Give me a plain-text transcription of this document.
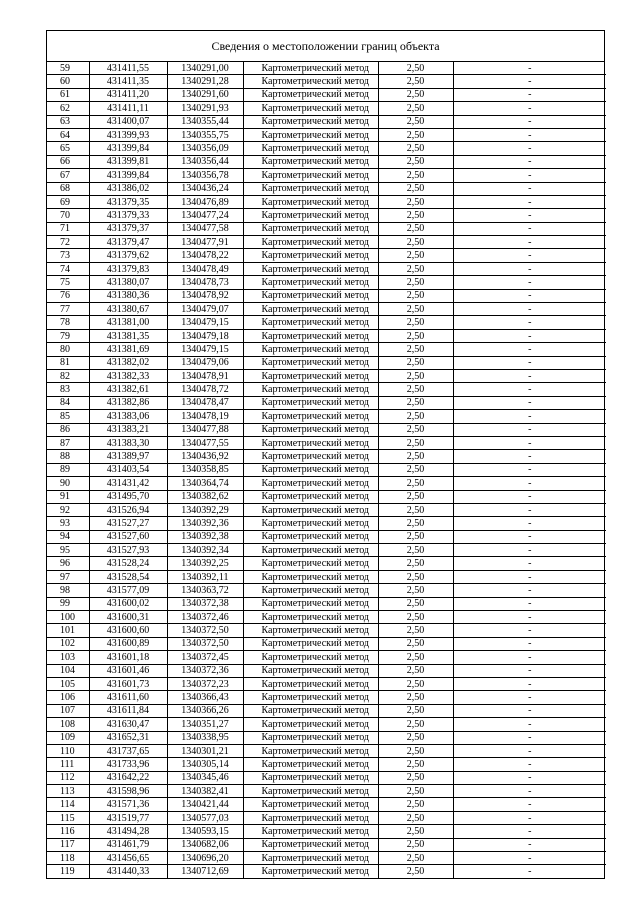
Сведения о местоположении границ объекта
59	431411,55	1340291,00	Картометрический метод	2,50	-
60	431411,35	1340291,28	Картометрический метод	2,50	-
61	431411,20	1340291,60	Картометрический метод	2,50	-
62	431411,11	1340291,93	Картометрический метод	2,50	-
63	431400,07	1340355,44	Картометрический метод	2,50	-
64	431399,93	1340355,75	Картометрический метод	2,50	-
65	431399,84	1340356,09	Картометрический метод	2,50	-
66	431399,81	1340356,44	Картометрический метод	2,50	-
67	431399,84	1340356,78	Картометрический метод	2,50	-
68	431386,02	1340436,24	Картометрический метод	2,50	-
69	431379,35	1340476,89	Картометрический метод	2,50	-
70	431379,33	1340477,24	Картометрический метод	2,50	-
71	431379,37	1340477,58	Картометрический метод	2,50	-
72	431379,47	1340477,91	Картометрический метод	2,50	-
73	431379,62	1340478,22	Картометрический метод	2,50	-
74	431379,83	1340478,49	Картометрический метод	2,50	-
75	431380,07	1340478,73	Картометрический метод	2,50	-
76	431380,36	1340478,92	Картометрический метод	2,50	-
77	431380,67	1340479,07	Картометрический метод	2,50	-
78	431381,00	1340479,15	Картометрический метод	2,50	-
79	431381,35	1340479,18	Картометрический метод	2,50	-
80	431381,69	1340479,15	Картометрический метод	2,50	-
81	431382,02	1340479,06	Картометрический метод	2,50	-
82	431382,33	1340478,91	Картометрический метод	2,50	-
83	431382,61	1340478,72	Картометрический метод	2,50	-
84	431382,86	1340478,47	Картометрический метод	2,50	-
85	431383,06	1340478,19	Картометрический метод	2,50	-
86	431383,21	1340477,88	Картометрический метод	2,50	-
87	431383,30	1340477,55	Картометрический метод	2,50	-
88	431389,97	1340436,92	Картометрический метод	2,50	-
89	431403,54	1340358,85	Картометрический метод	2,50	-
90	431431,42	1340364,74	Картометрический метод	2,50	-
91	431495,70	1340382,62	Картометрический метод	2,50	-
92	431526,94	1340392,29	Картометрический метод	2,50	-
93	431527,27	1340392,36	Картометрический метод	2,50	-
94	431527,60	1340392,38	Картометрический метод	2,50	-
95	431527,93	1340392,34	Картометрический метод	2,50	-
96	431528,24	1340392,25	Картометрический метод	2,50	-
97	431528,54	1340392,11	Картометрический метод	2,50	-
98	431577,09	1340363,72	Картометрический метод	2,50	-
99	431600,02	1340372,38	Картометрический метод	2,50	-
100	431600,31	1340372,46	Картометрический метод	2,50	-
101	431600,60	1340372,50	Картометрический метод	2,50	-
102	431600,89	1340372,50	Картометрический метод	2,50	-
103	431601,18	1340372,45	Картометрический метод	2,50	-
104	431601,46	1340372,36	Картометрический метод	2,50	-
105	431601,73	1340372,23	Картометрический метод	2,50	-
106	431611,60	1340366,43	Картометрический метод	2,50	-
107	431611,84	1340366,26	Картометрический метод	2,50	-
108	431630,47	1340351,27	Картометрический метод	2,50	-
109	431652,31	1340338,95	Картометрический метод	2,50	-
110	431737,65	1340301,21	Картометрический метод	2,50	-
111	431733,96	1340305,14	Картометрический метод	2,50	-
112	431642,22	1340345,46	Картометрический метод	2,50	-
113	431598,96	1340382,41	Картометрический метод	2,50	-
114	431571,36	1340421,44	Картометрический метод	2,50	-
115	431519,77	1340577,03	Картометрический метод	2,50	-
116	431494,28	1340593,15	Картометрический метод	2,50	-
117	431461,79	1340682,06	Картометрический метод	2,50	-
118	431456,65	1340696,20	Картометрический метод	2,50	-
119	431440,33	1340712,69	Картометрический метод	2,50	-
